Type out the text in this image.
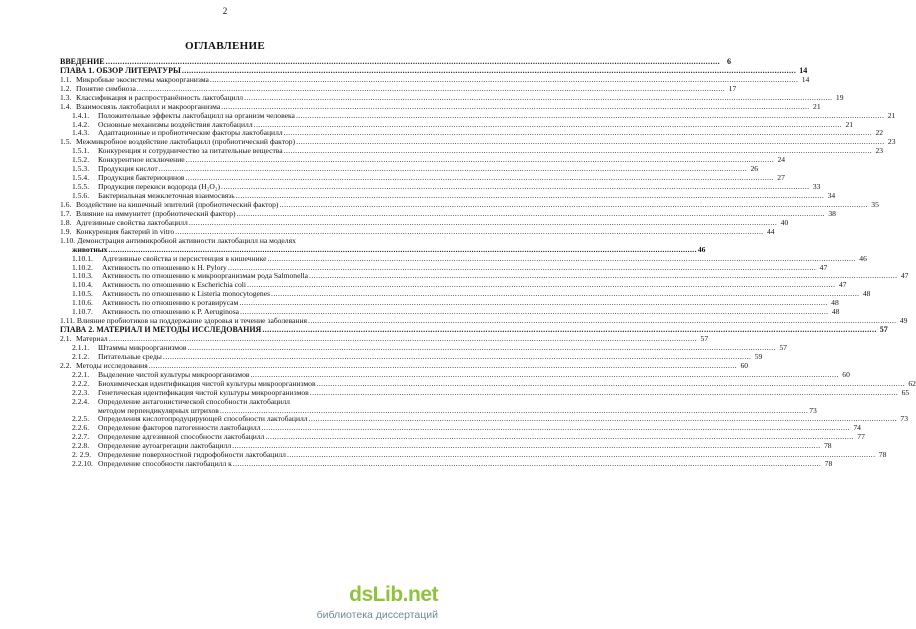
2
ОГЛАВЛЕНИЕ
ВВЕДЕНИЕ .....	6
ГЛАВА 1. ОБЗОР ЛИТЕРАТУРЫ .....	14
1.1. Микробные экосистемы макроорганизма .....	14
1.2. Понятие симбиоза .....	17
1.3. Классификация и распространённость лактобацилл .....	19
1.4. Взаимосвязь лактобацилл и макроорганизма .....	21
1.4.1.	Положительные эффекты лактобацилл на организм человека .....	21
1.4.2.	Основные механизмы воздействия лактобацилл .....	21
1.4.3.	Адаптационные и пробиотические факторы лактобацилл .....	22
1.5. Межмикробное воздействие лактобацилл (пробиотический фактор) .....	23
1.5.1.	Конкуренция и сотрудничество за питательные вещества .....	23
1.5.2.	Конкурентное исключение .....	24
1.5.3.	Продукция кислот .....	26
1.5.4.	Продукция бактериоцинов .....	27
1.5.5.	Продукция перекиси водорода (H₂O₂) .....	33
1.5.6.	Бактериальная межклеточная взаимосвязь .....	34
1.6. Воздействие на кишечный эпителий (пробиотический фактор) .....	35
1.7. Влияние на иммунитет (пробиотический фактор) .....	38
1.8. Адгезивные свойства лактобацилл .....	40
1.9. Конкуренция бактерий in vitro .....	44
1.10. Демонстрация антимикробной активности лактобацилл на моделях
животных .....	46
1.10.1.	Адгезивные свойства и персистенция в кишечнике .....	46
1.10.2.	Активность по отношению к H. Pylory .....	47
1.10.3.	Активность по отношению к микроорганизмам рода Salmonella .....	47
1.10.4.	Активность по отношению к Escherichia coli .....	47
1.10.5.	Активность по отношению к Listeria monocytogenes .....	48
1.10.6.	Активность по отношению к ротавирусам .....	48
1.10.7.	Активность по отношению к P. Aeruginosa .....	48
1.11. Влияние пробиотиков на поддержание здоровья и течение заболевания .....	49
ГЛАВА 2. МАТЕРИАЛ И МЕТОДЫ ИССЛЕДОВАНИЯ .....	57
2.1. Материал .....	57
2.1.1.	Штаммы микроорганизмов .....	57
2.1.2.	Питательные среды .....	59
2.2. Методы исследования .....	60
2.2.1.	Выделение чистой культуры микроорганизмов .....	60
2.2.2.	Биохимическая идентификация чистой культуры микроорганизмов .....	62
2.2.3.	Генетическая идентификация чистой культуры микроорганизмов .....	65
2.2.4.	Определение антагонистической способности лактобацилл
методом перпендикулярных штрихов .....	73
2.2.5.	Определения кислотопродуцирующей способности лактобацилл .....	73
2.2.6.	Определение факторов патогенности лактобацилл .....	74
2.2.7.	Определение адгезивной способности лактобацилл .....	77
2.2.8.	Определение аутоагрегации лактобацилл .....	78
2. 2.9. Определение поверхностной гидрофобности лактобацилл .....	78
2.2.10. Определение способности лактобацилл к .....	78
dsLib.net
библиотека диссертаций
